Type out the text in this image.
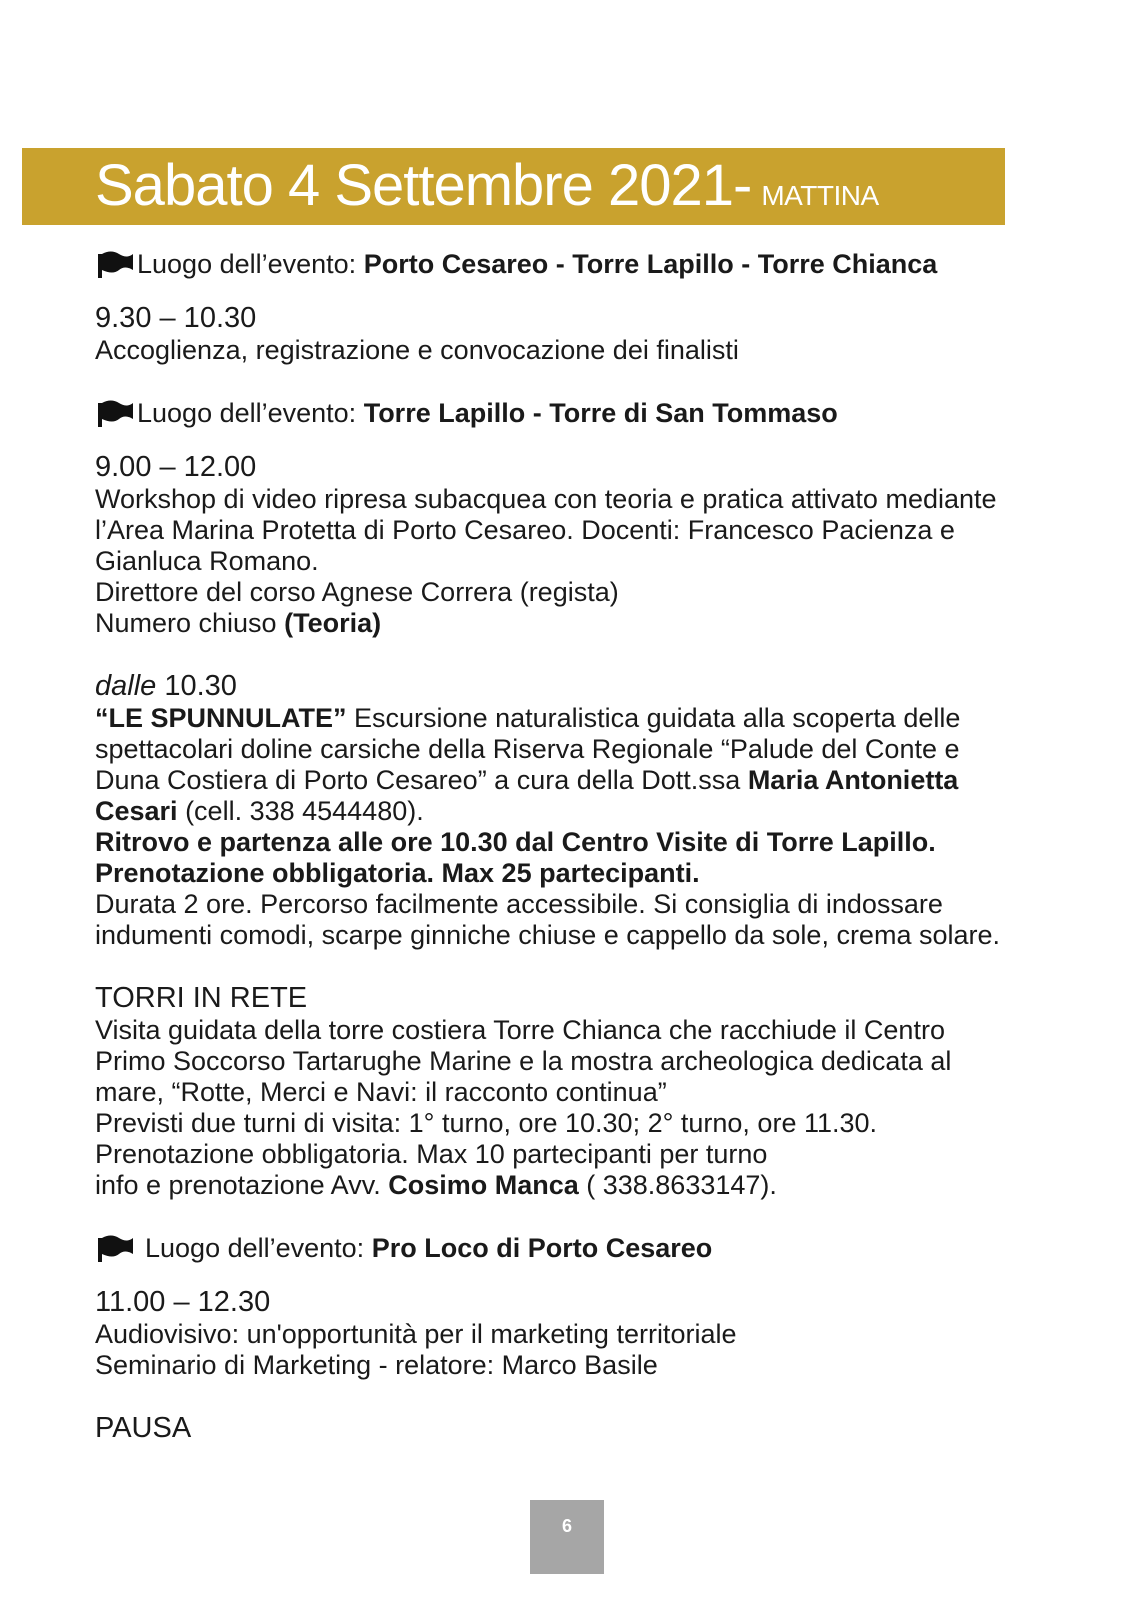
Sabato 4 Settembre 2021- MATTINA
Luogo dell’evento:
Porto Cesareo - Torre Lapillo - Torre Chianca
9.30 – 10.30
Accoglienza, registrazione e convocazione dei finalisti
Luogo dell’evento:
Torre Lapillo - Torre di San Tommaso
9.00 – 12.00
Workshop di video ripresa subacquea con teoria e pratica attivato mediante
l’Area Marina Protetta di Porto Cesareo. Docenti: Francesco Pacienza e
Gianluca Romano.
Direttore del corso Agnese Correra (regista)
Numero chiuso (Teoria)
dalle 10.30
“LE SPUNNULATE” Escursione naturalistica guidata alla scoperta delle
spettacolari doline carsiche della Riserva Regionale “Palude del Conte e
Duna Costiera di Porto Cesareo” a cura della Dott.ssa Maria Antonietta
Cesari (cell. 338 4544480).
Ritrovo e partenza alle ore 10.30 dal Centro Visite di Torre Lapillo.
Prenotazione obbligatoria. Max 25 partecipanti.
Durata 2 ore. Percorso facilmente accessibile. Si consiglia di indossare
indumenti comodi, scarpe ginniche chiuse e cappello da sole, crema solare.
TORRI IN RETE
Visita guidata della torre costiera Torre Chianca che racchiude il Centro
Primo Soccorso Tartarughe Marine e la mostra archeologica dedicata al
mare, “Rotte, Merci e Navi: il racconto continua”
Previsti due turni di visita: 1° turno, ore 10.30; 2° turno, ore 11.30.
Prenotazione obbligatoria. Max 10 partecipanti per turno
info e prenotazione Avv. Cosimo Manca ( 338.8633147).
Luogo dell’evento:
Pro Loco di Porto Cesareo
11.00 – 12.30
Audiovisivo: un'opportunità per il marketing territoriale
Seminario di Marketing - relatore: Marco Basile
PAUSA
6
